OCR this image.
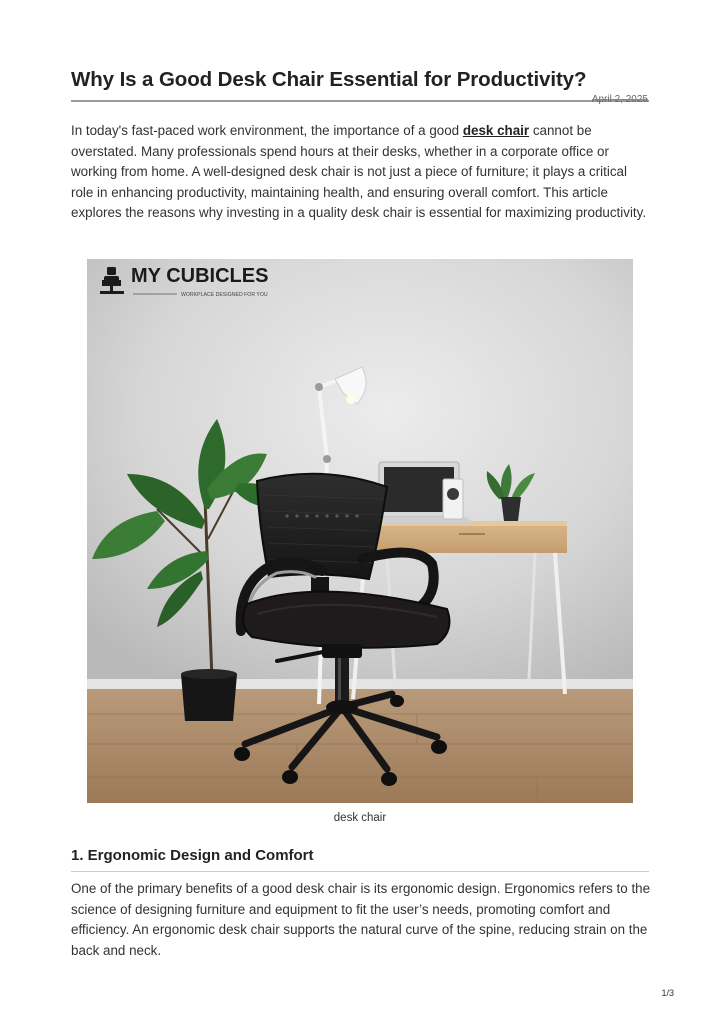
Why Is a Good Desk Chair Essential for Productivity?
April 2, 2025

In today's fast-paced work environment, the importance of a good desk chair cannot be overstated. Many professionals spend hours at their desks, whether in a corporate office or working from home. A well-designed desk chair is not just a piece of furniture; it plays a critical role in enhancing productivity, maintaining health, and ensuring overall comfort. This article explores the reasons why investing in a quality desk chair is essential for maximizing productivity.

MY CUBICLES
WORKPLACE DESIGNED FOR YOU
desk chair
1. Ergonomic Design and Comfort

One of the primary benefits of a good desk chair is its ergonomic design. Ergonomics refers to the science of designing furniture and equipment to fit the user’s needs, promoting comfort and efficiency. An ergonomic desk chair supports the natural curve of the spine, reducing strain on the back and neck.

1/3
